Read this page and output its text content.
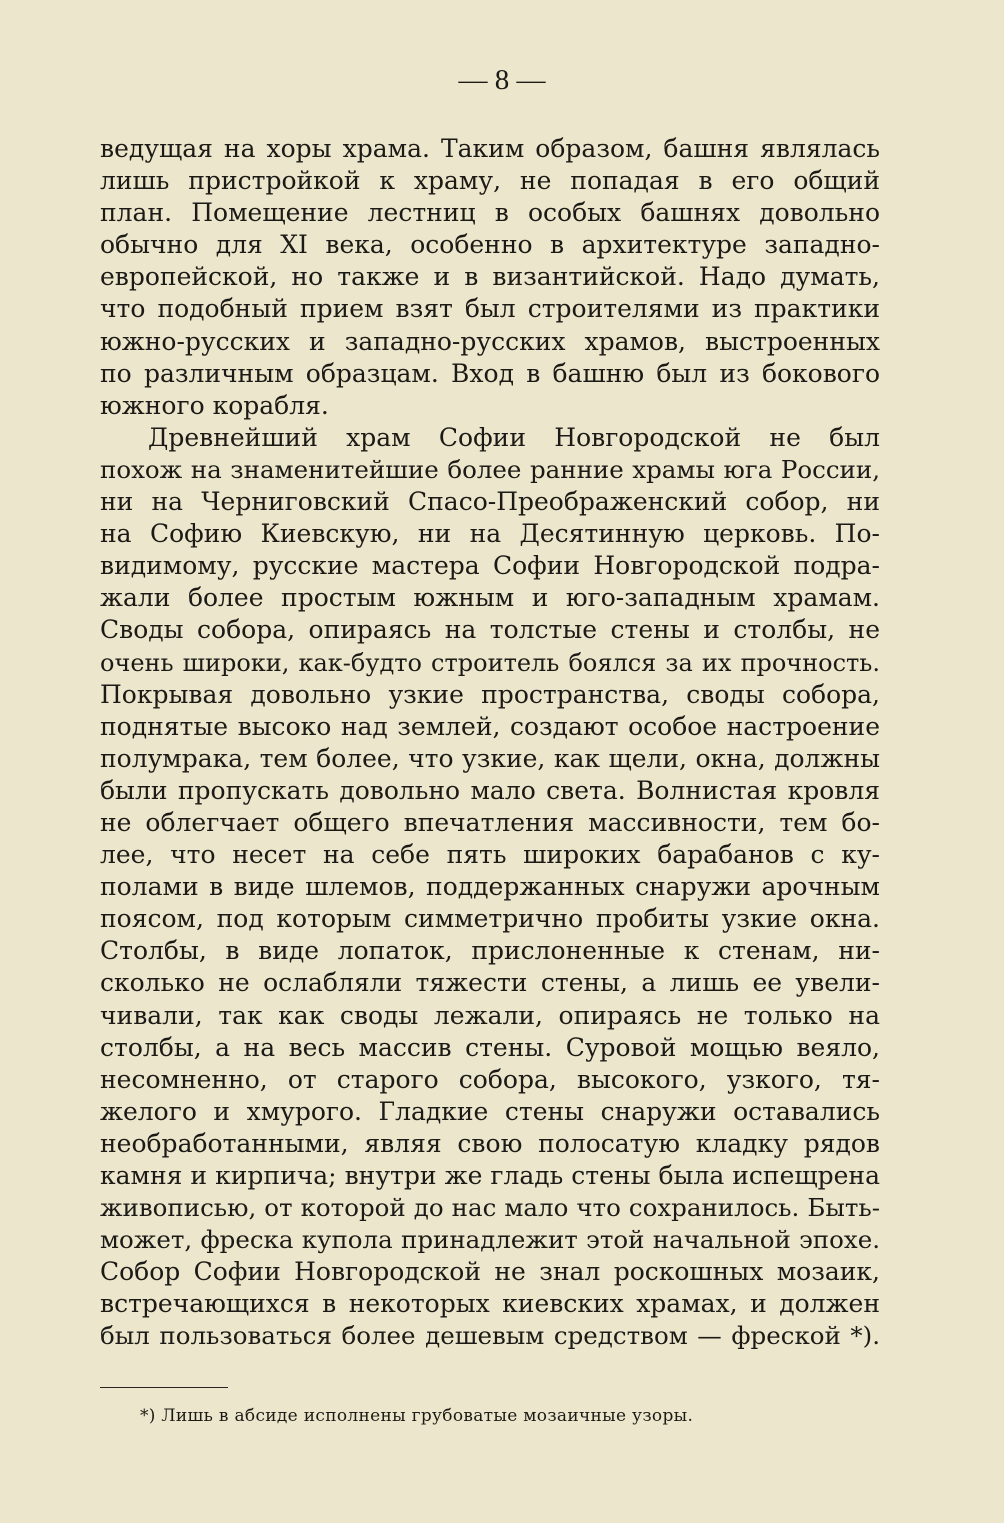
— 8 —
ведущая на хоры храма. Таким образом, башня являлась
лишь пристройкой к храму, не попадая в его общий
план. Помещение лестниц в особых башнях довольно
обычно для XI века, особенно в архитектуре западно-
европейской, но также и в византийской. Надо думать,
что подобный прием взят был строителями из практики
южно-русских и западно-русских храмов, выстроенных
по различным образцам. Вход в башню был из бокового
южного корабля.
Древнейший храм Софии Новгородской не был
похож на знаменитейшие более ранние храмы юга России,
ни на Черниговский Спасо-Преображенский собор, ни
на Софию Киевскую, ни на Десятинную церковь. По-
видимому, русские мастера Софии Новгородской подра-
жали более простым южным и юго-западным храмам.
Своды собора, опираясь на толстые стены и столбы, не
очень широки, как-будто строитель боялся за их прочность.
Покрывая довольно узкие пространства, своды собора,
поднятые высоко над землей, создают особое настроение
полумрака, тем более, что узкие, как щели, окна, должны
были пропускать довольно мало света. Волнистая кровля
не облегчает общего впечатления массивности, тем бо-
лее, что несет на себе пять широких барабанов с ку-
полами в виде шлемов, поддержанных снаружи арочным
поясом, под которым симметрично пробиты узкие окна.
Столбы, в виде лопаток, прислоненные к стенам, ни-
сколько не ослабляли тяжести стены, а лишь ее увели-
чивали, так как своды лежали, опираясь не только на
столбы, а на весь массив стены. Суровой мощью веяло,
несомненно, от старого собора, высокого, узкого, тя-
желого и хмурого. Гладкие стены снаружи оставались
необработанными, являя свою полосатую кладку рядов
камня и кирпича; внутри же гладь стены была испещрена
живописью, от которой до нас мало что сохранилось. Быть-
может, фреска купола принадлежит этой начальной эпохе.
Собор Софии Новгородской не знал роскошных мозаик,
встречающихся в некоторых киевских храмах, и должен
был пользоваться более дешевым средством — фреской *).
*) Лишь в абсиде исполнены грубоватые мозаичные узоры.
